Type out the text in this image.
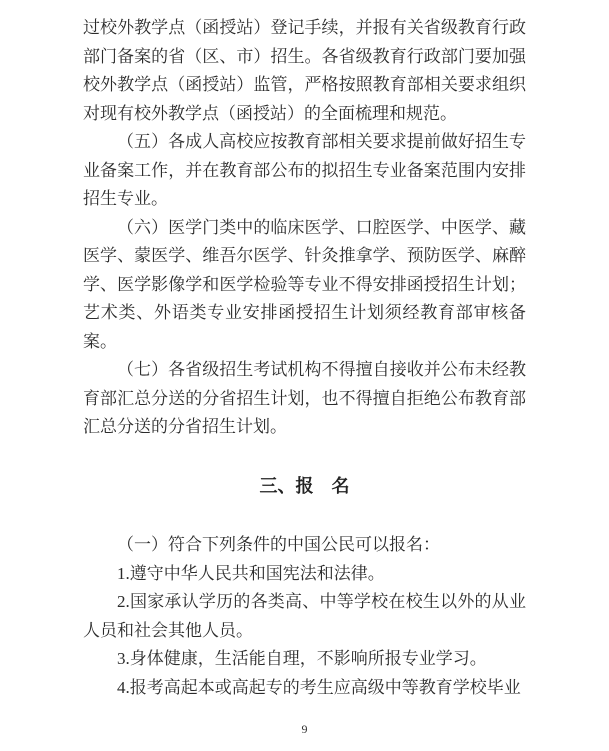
过校外教学点（函授站）登记手续，并报有关省级教育行政部门备案的省（区、市）招生。各省级教育行政部门要加强校外教学点（函授站）监管，严格按照教育部相关要求组织对现有校外教学点（函授站）的全面梳理和规范。

（五）各成人高校应按教育部相关要求提前做好招生专业备案工作，并在教育部公布的拟招生专业备案范围内安排招生专业。

（六）医学门类中的临床医学、口腔医学、中医学、藏医学、蒙医学、维吾尔医学、针灸推拿学、预防医学、麻醉学、医学影像学和医学检验等专业不得安排函授招生计划；艺术类、外语类专业安排函授招生计划须经教育部审核备案。

（七）各省级招生考试机构不得擅自接收并公布未经教育部汇总分送的分省招生计划，也不得擅自拒绝公布教育部汇总分送的分省招生计划。

三、报　名

（一）符合下列条件的中国公民可以报名：

1.遵守中华人民共和国宪法和法律。

2.国家承认学历的各类高、中等学校在校生以外的从业人员和社会其他人员。

3.身体健康，生活能自理，不影响所报专业学习。

4.报考高起本或高起专的考生应高级中等教育学校毕业

9
